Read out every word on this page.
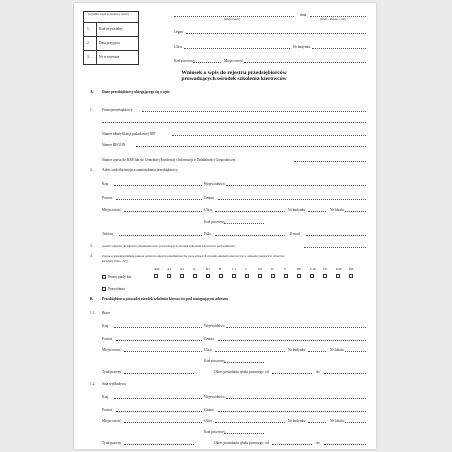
(wypełnia organ prowadzący rejestr)
1.	Kod terytorialny
2.	Data przyjęcia
3.	Nr w rejestrze
(miejscowość)
dnia
(dzień – miesiąc – rok)
Organ
Ulica	Nr budynku
Kod pocztowy	Miejscowość
Wniosek o wpis do rejestru przedsiębiorców
prowadzących ośrodek szkolenia kierowców
A. Dane przedsiębiorcy ubiegającego się o wpis
1.	Firma przedsiębiorcy
Numer identyfikacji podatkowej NIP
Numer REGON
Numer wpisu do KRS lub do Centralnej Ewidencji i Informacji o Działalności Gospodarczej
2.	Adres siedziby/miejsca zamieszkania przedsiębiorcy
Kraj	Województwo
Powiat	Gmina
Miejscowość	Ulica	Nr budynku	Nr lokalu
Kod pocztowy
Telefon	Faks	E-mail
3.	Jestem wpisany do rejestru przedsiębiorców prowadzących ośrodek szkolenia kierowców pod numerem
4.	Proszę o wpisanie/zmianę zakresu wpisu do rejestru przedsiębiorców prowadzących ośrodek szkolenia kierowców w zakresie (zaznaczyć właściwe
kwadraty litera „X”)
Prawo jazdy kat.
Pozwolenia
B. Przedsiębiorca prowadzi ośrodek szkolenia kierowców pod następującym adresem
1.1. Biuro
Kraj	Województwo
Powiat	Gmina
Miejscowość	Ulica	Nr budynku	Nr lokalu
Kod pocztowy
Tytuł prawny	Okres posiadania tytułu prawnego: od	do
1.2. Sala wykładowa
Kraj	Województwo
Powiat	Gmina
Miejscowość	Ulica	Nr budynku	Nr lokalu
Kod pocztowy
Tytuł prawny	Okres posiadania tytułu prawnego: od	do
AM A1	A2	A	B1	B	C1	C	D1	D	T	BE	C1E CE	D1E DE
